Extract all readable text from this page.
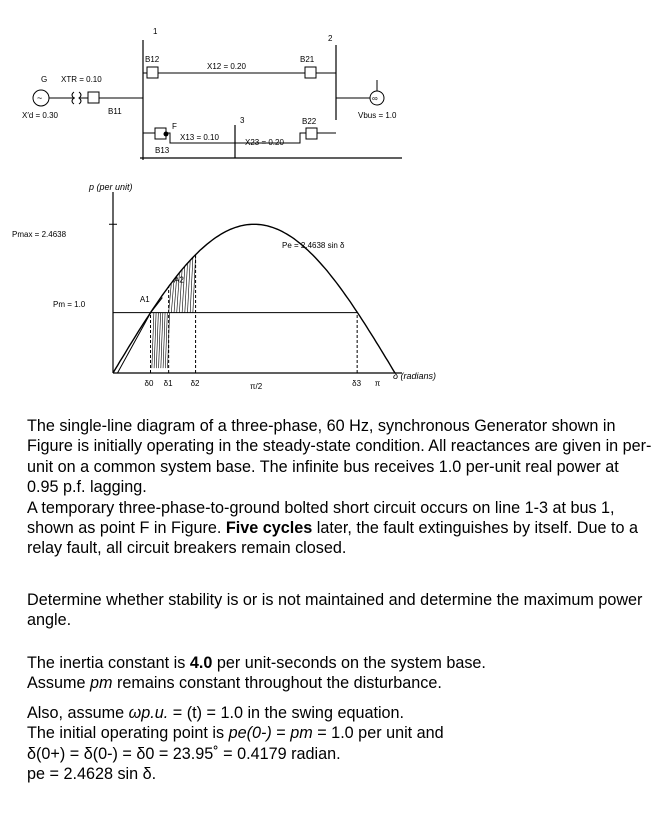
1
2
3
B12
X12 = 0.20
B21
B13
F
X13 = 0.10
X23 = 0.20
B22
G XTR = 0.10
~
B11
X′d = 0.30
∞
Vbus = 1.0
p (per unit)
Pmax = 2.4638
Pm = 1.0
Pe = 2.4638 sin δ
δ (radians)
A1
A2
δ0 δ1 δ2	π/2	δ3 π

The single-line diagram of a three-phase, 60 Hz, synchronous Generator shown in Figure is initially operating in the steady-state condition. All reactances are given in per-unit on a common system base. The infinite bus receives 1.0 per-unit real power at 0.95 p.f. lagging.

A temporary three-phase-to-ground bolted short circuit occurs on line 1-3 at bus 1, shown as point F in Figure. Five cycles later, the fault extinguishes by itself. Due to a relay fault, all circuit breakers remain closed.

Determine whether stability is or is not maintained and determine the maximum power angle.

The inertia constant is 4.0 per unit-seconds on the system base.

Assume pm remains constant throughout the disturbance.

Also, assume ωp.u. = (t) = 1.0 in the swing equation.

The initial operating point is pe(0-) = pm = 1.0 per unit and

δ(0+) = δ(0-) = δ0 = 23.95˚ = 0.4179 radian.

pe = 2.4628 sin δ.
